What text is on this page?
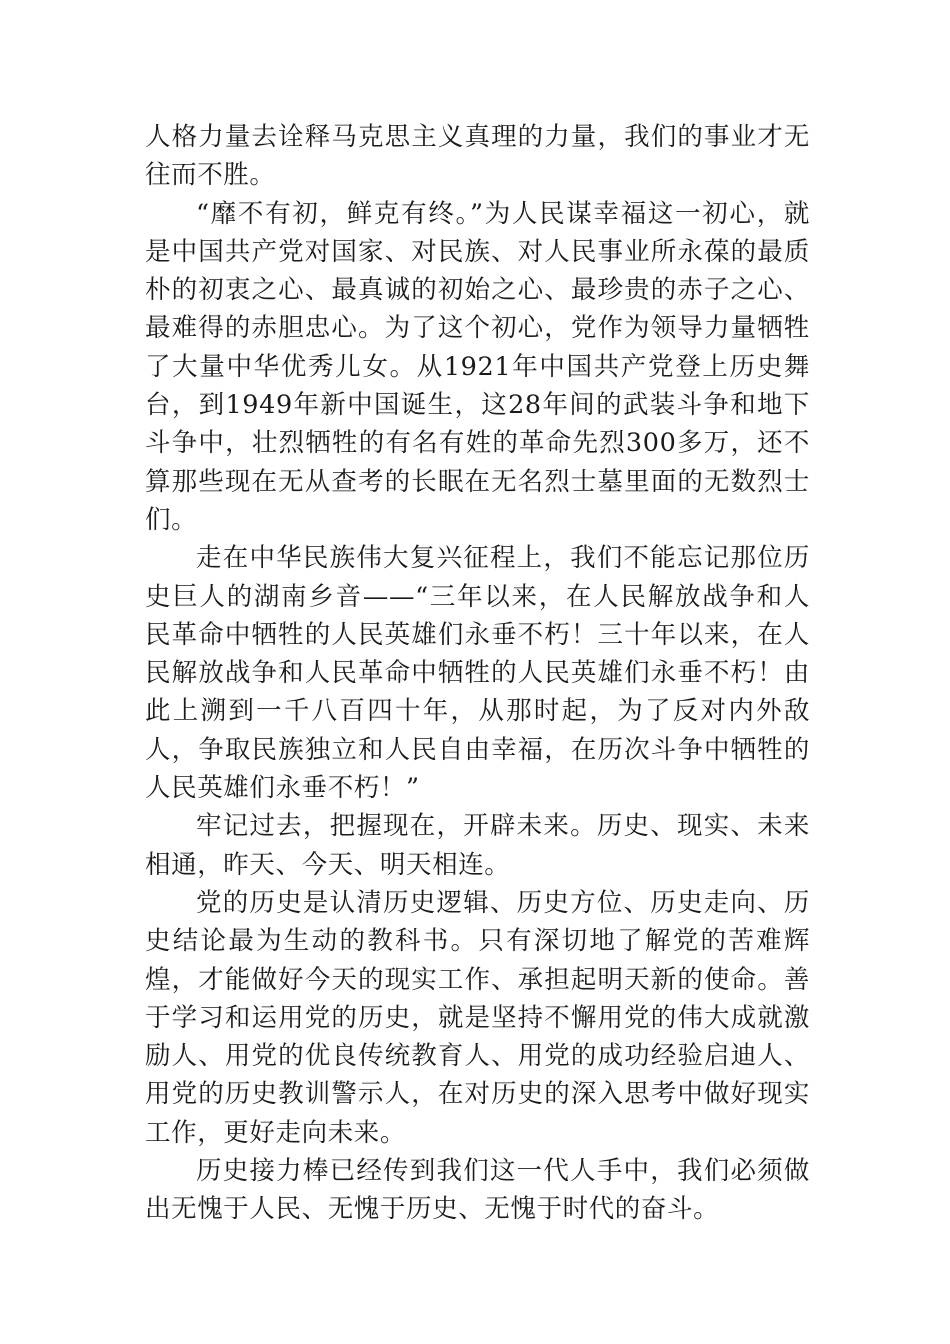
人格力量去诠释马克思主义真理的力量，我们的事业才无往而不胜。

“靡不有初，鲜克有终。”为人民谋幸福这一初心，就是中国共产党对国家、对民族、对人民事业所永葆的最质朴的初衷之心、最真诚的初始之心、最珍贵的赤子之心、最难得的赤胆忠心。为了这个初心，党作为领导力量牺牲了大量中华优秀儿女。从1921年中国共产党登上历史舞台，到1949年新中国诞生，这28年间的武装斗争和地下斗争中，壮烈牺牲的有名有姓的革命先烈300多万，还不算那些现在无从查考的长眠在无名烈士墓里面的无数烈士们。

走在中华民族伟大复兴征程上，我们不能忘记那位历史巨人的湖南乡音——“三年以来，在人民解放战争和人民革命中牺牲的人民英雄们永垂不朽！三十年以来，在人民解放战争和人民革命中牺牲的人民英雄们永垂不朽！由此上溯到一千八百四十年，从那时起，为了反对内外敌人，争取民族独立和人民自由幸福，在历次斗争中牺牲的人民英雄们永垂不朽！”

牢记过去，把握现在，开辟未来。历史、现实、未来相通，昨天、今天、明天相连。

党的历史是认清历史逻辑、历史方位、历史走向、历史结论最为生动的教科书。只有深切地了解党的苦难辉煌，才能做好今天的现实工作、承担起明天新的使命。善于学习和运用党的历史，就是坚持不懈用党的伟大成就激励人、用党的优良传统教育人、用党的成功经验启迪人、用党的历史教训警示人，在对历史的深入思考中做好现实工作，更好走向未来。

历史接力棒已经传到我们这一代人手中，我们必须做出无愧于人民、无愧于历史、无愧于时代的奋斗。
